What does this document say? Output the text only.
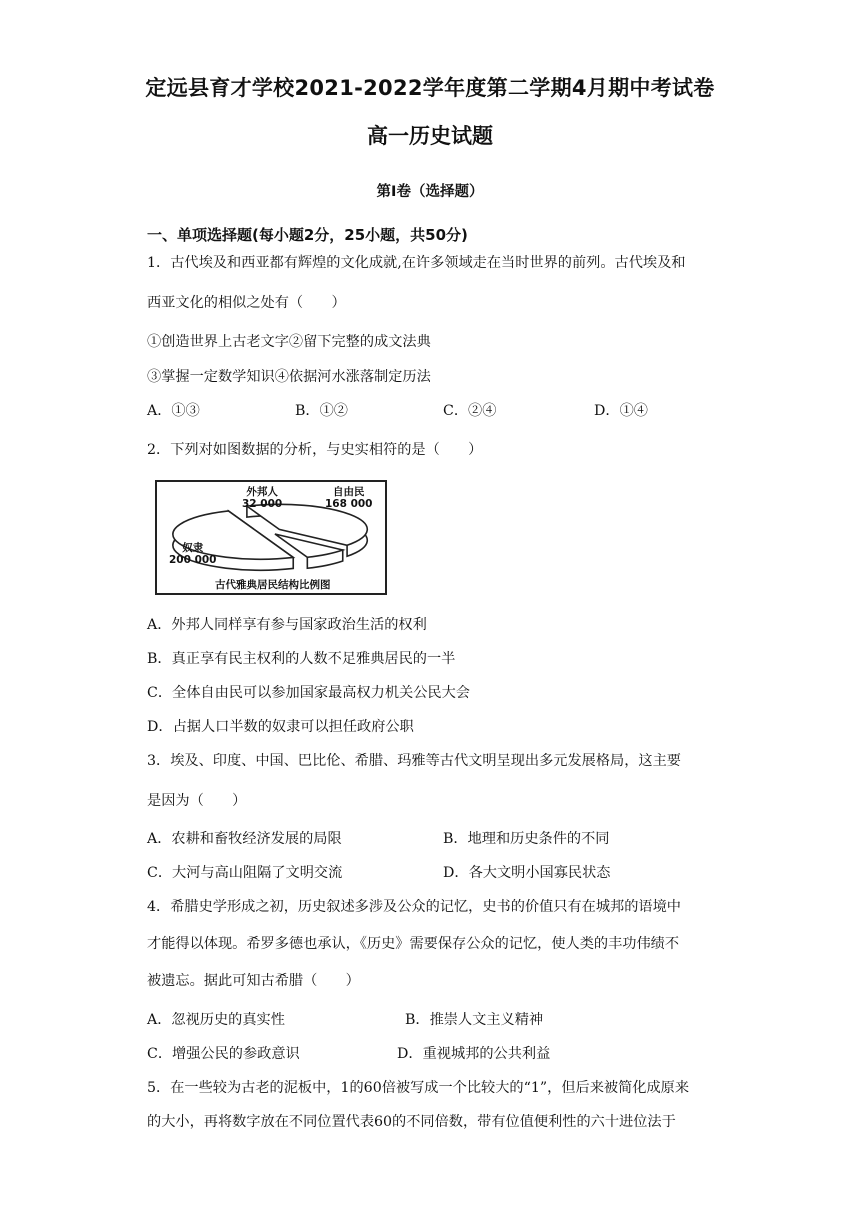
定远县育才学校2021-2022学年度第二学期4月期中考试卷
高一历史试题
第Ⅰ卷（选择题）
一、单项选择题(每小题2分，25小题，共50分)
1．古代埃及和西亚都有辉煌的文化成就,在许多领域走在当时世界的前列。古代埃及和
西亚文化的相似之处有（　　）
①创造世界上古老文字②留下完整的成文法典
③掌握一定数学知识④依据河水涨落制定历法
A．①③	B．①②	C．②④	D．①④
2．下列对如图数据的分析，与史实相符的是（　　）
外邦人
32 000
自由民
168 000
奴隶
200 000
古代雅典居民结构比例图
A．外邦人同样享有参与国家政治生活的权利
B．真正享有民主权利的人数不足雅典居民的一半
C．全体自由民可以参加国家最高权力机关公民大会
D．占据人口半数的奴隶可以担任政府公职
3．埃及、印度、中国、巴比伦、希腊、玛雅等古代文明呈现出多元发展格局，这主要
是因为（　　）
A．农耕和畜牧经济发展的局限	B．地理和历史条件的不同
C．大河与高山阻隔了文明交流	D．各大文明小国寡民状态
4．希腊史学形成之初，历史叙述多涉及公众的记忆，史书的价值只有在城邦的语境中
才能得以体现。希罗多德也承认，《历史》需要保存公众的记忆，使人类的丰功伟绩不
被遗忘。据此可知古希腊（　　）
A．忽视历史的真实性	B．推崇人文主义精神
C．增强公民的参政意识	D．重视城邦的公共利益
5．在一些较为古老的泥板中，1的60倍被写成一个比较大的“1”，但后来被简化成原来
的大小，再将数字放在不同位置代表60的不同倍数，带有位值便利性的六十进位法于
